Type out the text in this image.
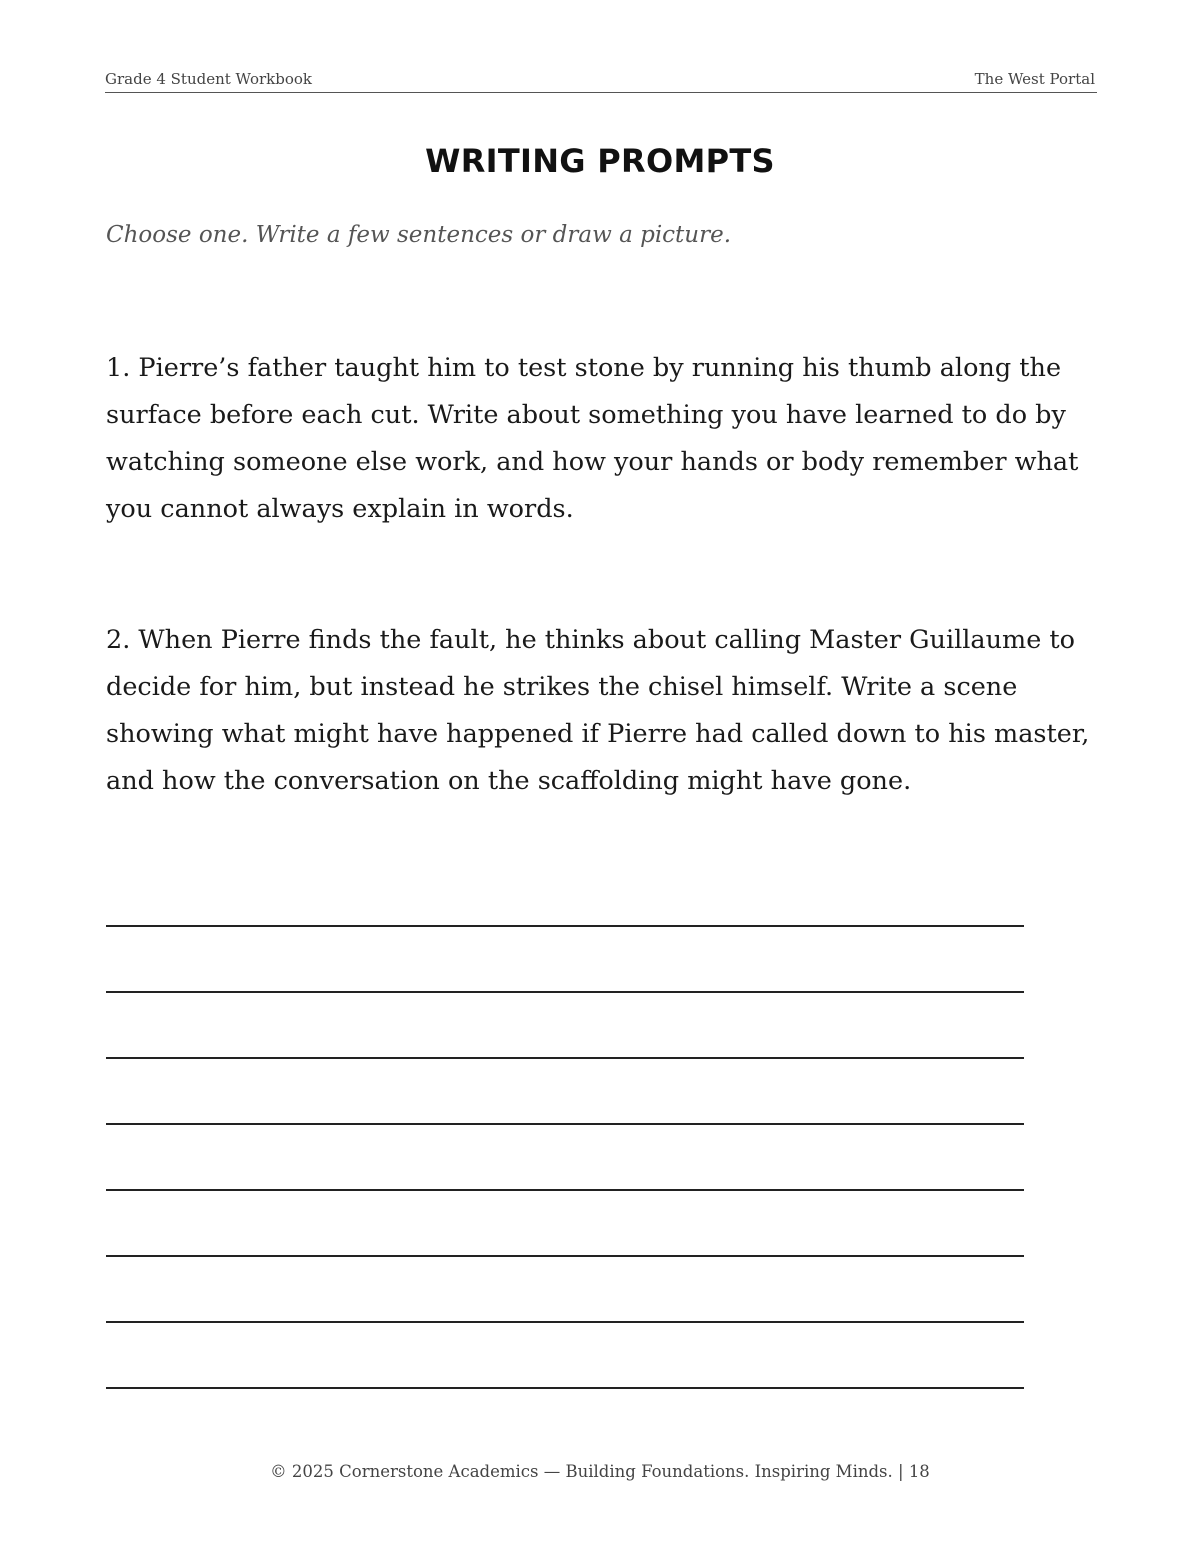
Grade 4 Student Workbook	The West Portal
WRITING PROMPTS
Choose one. Write a few sentences or draw a picture.

1. Pierre’s father taught him to test stone by running his thumb along the surface before each cut. Write about something you have learned to do by watching someone else work, and how your hands or body remember what you cannot always explain in words.

2. When Pierre finds the fault, he thinks about calling Master Guillaume to decide for him, but instead he strikes the chisel himself. Write a scene showing what might have happened if Pierre had called down to his master, and how the conversation on the scaffolding might have gone.

© 2025 Cornerstone Academics — Building Foundations. Inspiring Minds. | 18
